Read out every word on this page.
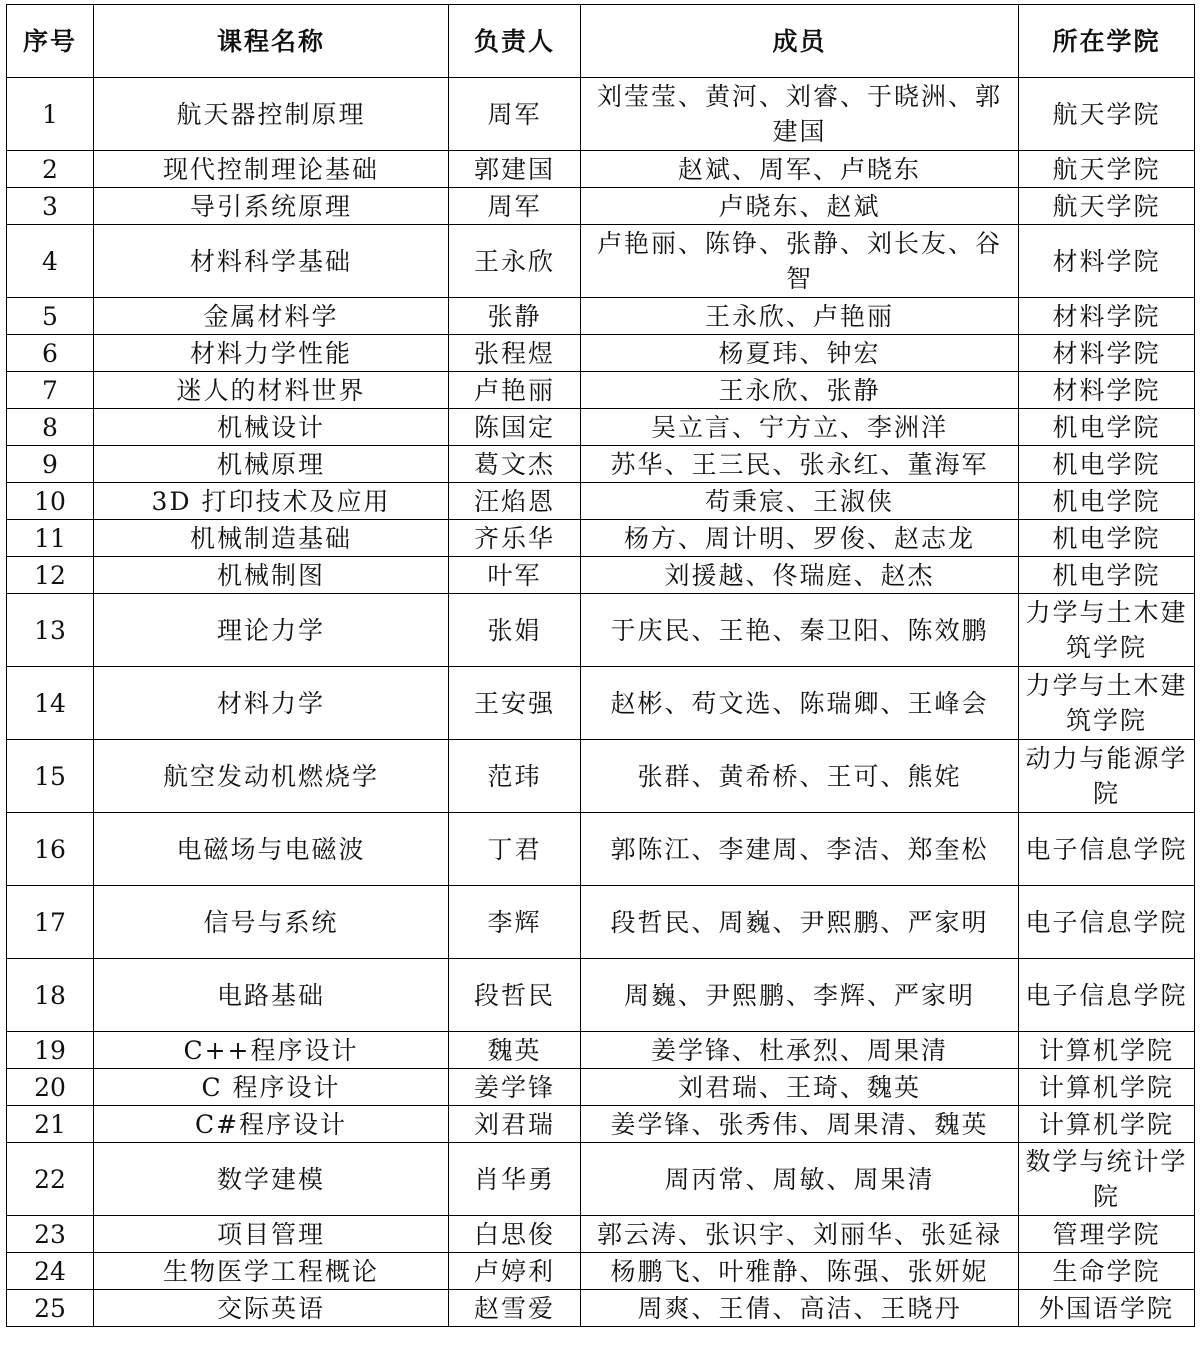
序号	课程名称	负责人	成员	所在学院
1	航天器控制原理	周军	刘莹莹、黄河、刘睿、于晓洲、郭建国	航天学院
2	现代控制理论基础	郭建国	赵斌、周军、卢晓东	航天学院
3	导引系统原理	周军	卢晓东、赵斌	航天学院
4	材料科学基础	王永欣	卢艳丽、陈铮、张静、刘长友、谷智	材料学院
5	金属材料学	张静	王永欣、卢艳丽	材料学院
6	材料力学性能	张程煜	杨夏玮、钟宏	材料学院
7	迷人的材料世界	卢艳丽	王永欣、张静	材料学院
8	机械设计	陈国定	吴立言、宁方立、李洲洋	机电学院
9	机械原理	葛文杰	苏华、王三民、张永红、董海军	机电学院
10	3D 打印技术及应用	汪焰恩	苟秉宸、王淑侠	机电学院
11	机械制造基础	齐乐华	杨方、周计明、罗俊、赵志龙	机电学院
12	机械制图	叶军	刘援越、佟瑞庭、赵杰	机电学院
13	理论力学	张娟	于庆民、王艳、秦卫阳、陈效鹏	力学与土木建筑学院
14	材料力学	王安强	赵彬、苟文选、陈瑞卿、王峰会	力学与土木建筑学院
15	航空发动机燃烧学	范玮	张群、黄希桥、王可、熊姹	动力与能源学院
16	电磁场与电磁波	丁君	郭陈江、李建周、李洁、郑奎松	电子信息学院
17	信号与系统	李辉	段哲民、周巍、尹熙鹏、严家明	电子信息学院
18	电路基础	段哲民	周巍、尹熙鹏、李辉、严家明	电子信息学院
19	C++程序设计	魏英	姜学锋、杜承烈、周果清	计算机学院
20	C 程序设计	姜学锋	刘君瑞、王琦、魏英	计算机学院
21	C#程序设计	刘君瑞	姜学锋、张秀伟、周果清、魏英	计算机学院
22	数学建模	肖华勇	周丙常、周敏、周果清	数学与统计学院
23	项目管理	白思俊	郭云涛、张识宇、刘丽华、张延禄	管理学院
24	生物医学工程概论	卢婷利	杨鹏飞、叶雅静、陈强、张妍妮	生命学院
25	交际英语	赵雪爱	周爽、王倩、高洁、王晓丹	外国语学院
